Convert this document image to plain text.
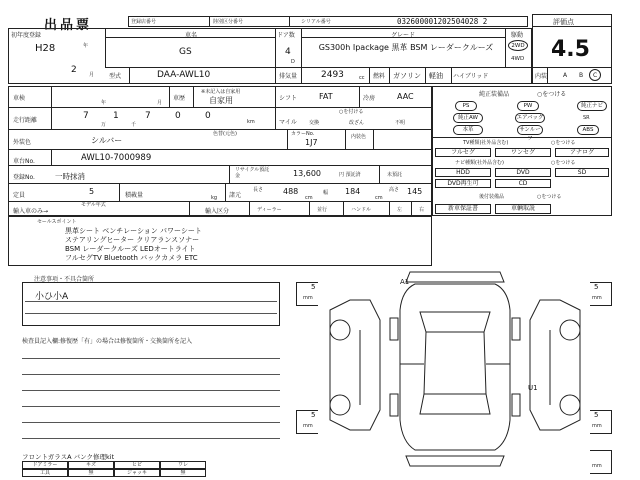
出品票	登録店番号	陸別区分番号	シリアル番号	032600001202504028 2	評価点
4.5
内装	A B C
初年度登録
H28	年
2 月
車名
GS
ドア数
4
D
グレード
GS300h Ipackage 黒革 BSM レーダークルーズ
駆動
2WD
4WD
型式	DAA-AWL10	排気量	2493	cc 燃料 ガソリン 軽油 ハイブリッド
車検
年	月
車歴
※未記入は自家用
自家用	シフト	FAT	冷房	AAC
走行距離	7
万
1
千
7	0	0
km	マイル
○を付ける
交換	改ざん	不明
外装色	シルバー
色替(元色)	カラーNo.
1J7
内装色
車台No.	AWL10-7000989
登録No.	一時抹消
リサイクル預託金	13,600	円 預託済	未預託
定員	5	積載量	kg 諸元
長さ 488
cm
幅 184
cm
高さ 145
輸入車のみ→
モデル年式
輸入区分	ディーラー	並行	ハンドル	左	右
純正装備品	○をつける
PS	PW	純正ナビ
純正AW	エアバッグ	SR
本革	サンルーフ
ABS
TV種類(社外品含む)	○をつける
フルセグ	ワンセグ	アナログ
ナビ種類(社外品含む)	○をつける
HDD	DVD	SD
DVD再生可	CD
後付装備品	○をつける
新車保証書	車輌取説
セールスポイント
黒革シート ベンチレーション パワーシート
ステアリングヒーター クリアランスソナー
BSM レーダークルーズ LEDオートライト
フルセグTV Bluetooth バックカメラ ETC
注意事項・不具合箇所
小ひ小A
検査員記入欄:修復歴「有」の場合は修復箇所・交換箇所を記入
フロントガラスA バンク修理kit
ドアミラー	キズ	ヒビ	ワレ
工具	無	ジャッキ	無
5
mm
5
mm
5
mm
5
mm
mm
A1
U1
